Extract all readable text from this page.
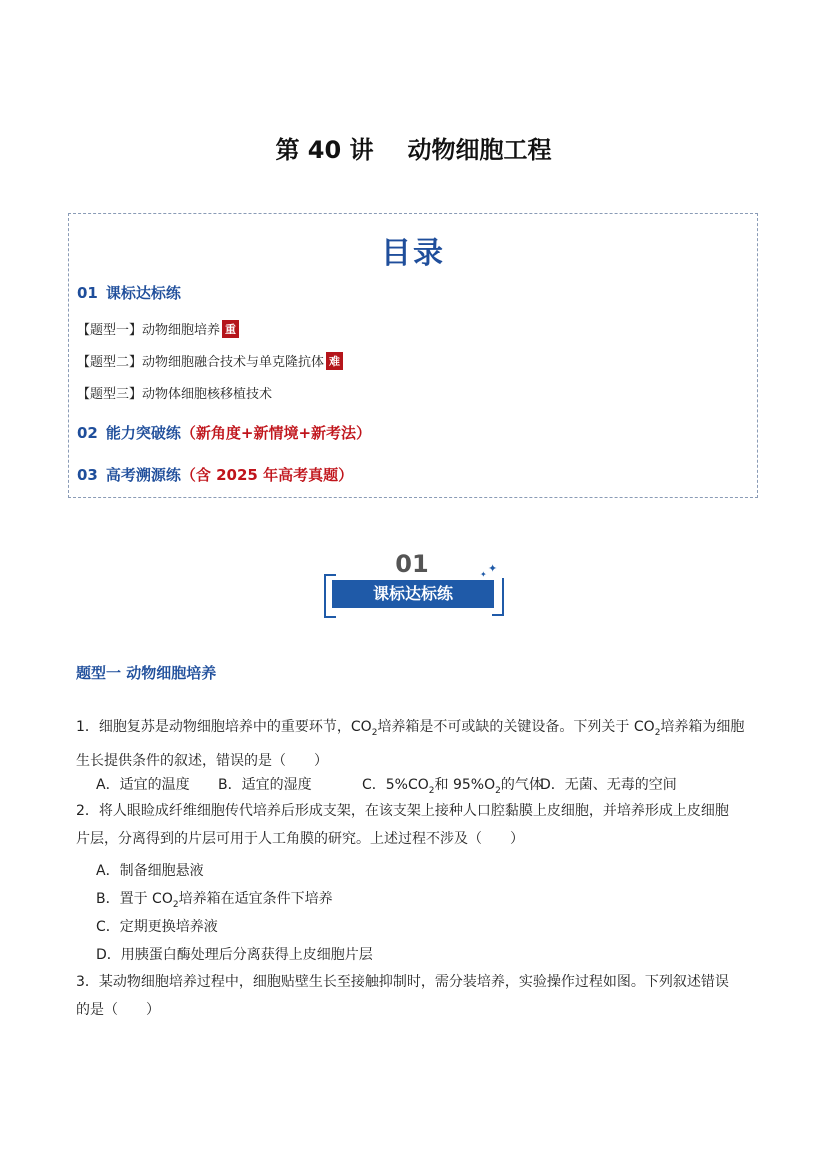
第 40 讲 动物细胞工程
目录
01 课标达标练
【题型一】动物细胞培养 重
【题型二】动物细胞融合技术与单克隆抗体 难
【题型三】动物体细胞核移植技术
02 能力突破练（新角度+新情境+新考法）
03 高考溯源练（含 2025 年高考真题）
01
课标达标练
✦
✦
题型一 动物细胞培养
1．细胞复苏是动物细胞培养中的重要环节，$CO_2$培养箱是不可或缺的关键设备。下列关于 $CO_2$培养箱为细胞
生长提供条件的叙述，错误的是（　　）
A．适宜的温度 B．适宜的湿度	C．$5\%CO_2$和 $95\%O_2$的气体
D．无菌、无毒的空间
2．将人眼睑成纤维细胞传代培养后形成支架，在该支架上接种人口腔黏膜上皮细胞，并培养形成上皮细胞
片层，分离得到的片层可用于人工角膜的研究。上述过程不涉及（　　）
A．制备细胞悬液
B．置于 $CO_2$培养箱在适宜条件下培养
C．定期更换培养液
D．用胰蛋白酶处理后分离获得上皮细胞片层
3．某动物细胞培养过程中，细胞贴壁生长至接触抑制时，需分装培养，实验操作过程如图。下列叙述错误
的是（　　）
